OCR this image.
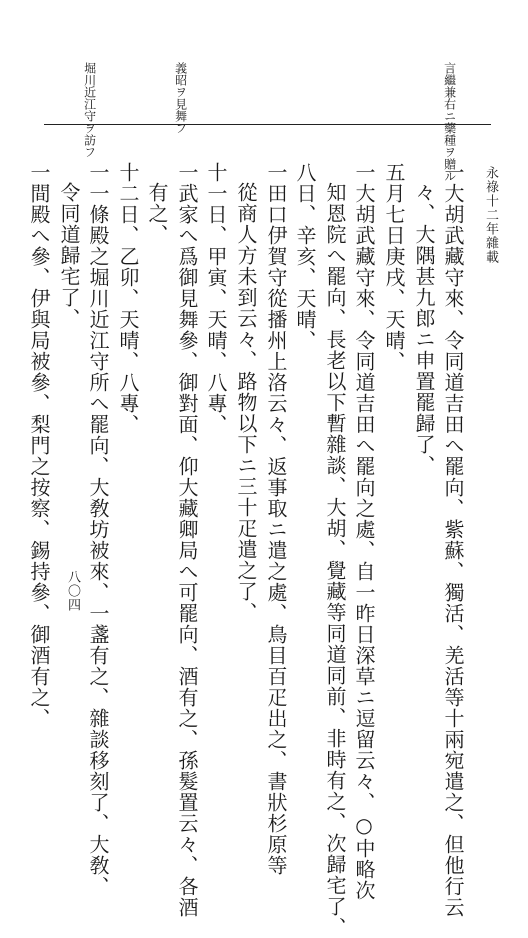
永祿十二年雜載
八〇四
言繼兼右ニ藥種ヲ贈ル
義昭ヲ見舞フ
堀川近江守ヲ訪フ
一大胡武藏守來、令同道吉田へ罷向、紫蘇、獨活、羌活等十兩宛遣之、但他行云
々、大隅甚九郎ニ申置罷歸了、
五月七日庚戌、天晴、
一大胡武藏守來、令同道吉田へ罷向之處、自一昨日深草ニ逗留云々、○中略次
知恩院へ罷向、長老以下暫雜談、大胡、覺藏等同道同前、非時有之、次歸宅了、
八日、辛亥、天晴、
一田口伊賀守從播州上洛云々、返事取ニ遣之處、鳥目百疋出之、書狀杉原等
從商人方未到云々、路物以下ニ三十疋遣之了、
十一日、甲寅、天晴、八專、
一武家へ爲御見舞參、御對面、仰大藏卿局へ可罷向、酒有之、孫髮置云々、各酒
有之、
十二日、乙卯、天晴、八專、
一一條殿之堀川近江守所へ罷向、大敎坊被來、一盞有之、雜談移刻了、大敎、
令同道歸宅了、
一間殿へ參、伊與局被參、梨門之按察、錫持參、御酒有之、
